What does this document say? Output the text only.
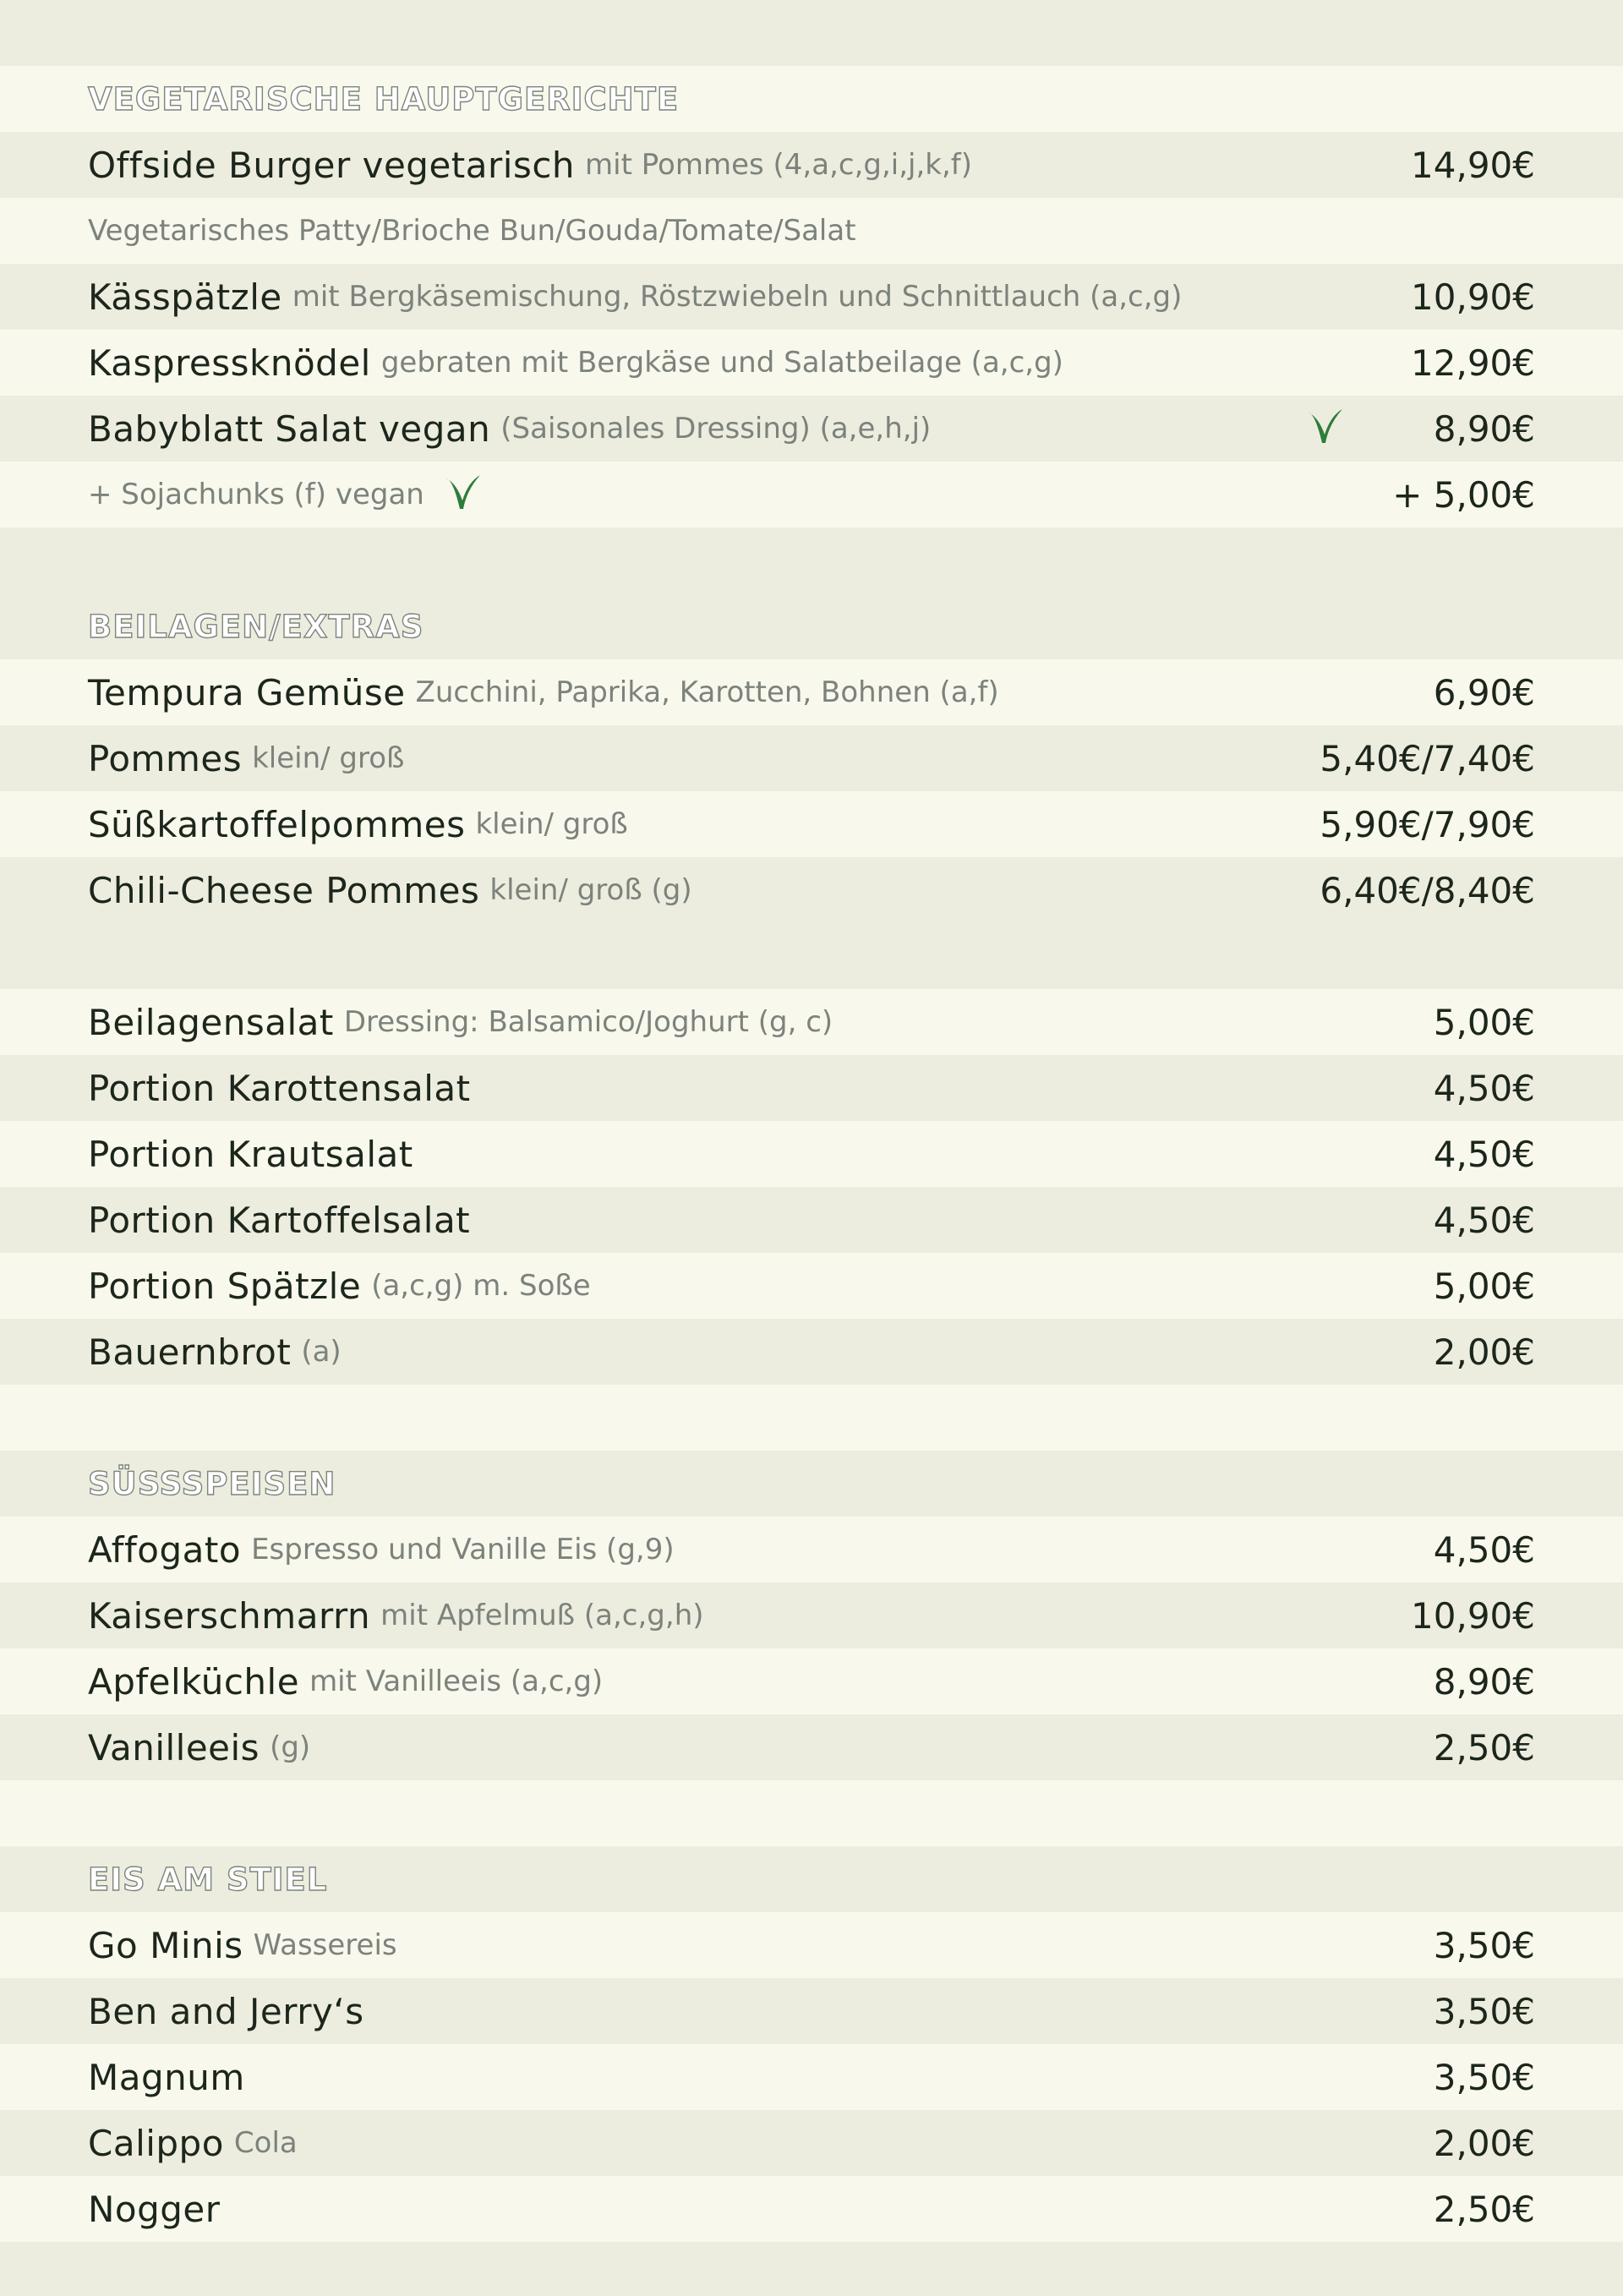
VEGETARISCHE HAUPTGERICHTE
Offside Burger vegetarisch mit Pommes (4,a,c,g,i,j,k,f)	14,90€
Vegetarisches Patty/Brioche Bun/Gouda/Tomate/Salat
Kässpätzle mit Bergkäsemischung, Röstzwiebeln und Schnittlauch (a,c,g)	10,90€
Kaspressknödel gebraten mit Bergkäse und Salatbeilage (a,c,g)	12,90€
Babyblatt Salat vegan (Saisonales Dressing) (a,e,h,j)	8,90€
+ Sojachunks (f) vegan	+ 5,00€
BEILAGEN/EXTRAS
Tempura Gemüse Zucchini, Paprika, Karotten, Bohnen (a,f)	6,90€
Pommes klein/ groß	5,40€/7,40€
Süßkartoffelpommes klein/ groß	5,90€/7,90€
Chili-Cheese Pommes klein/ groß (g)	6,40€/8,40€
Beilagensalat Dressing: Balsamico/Joghurt (g, c)	5,00€
Portion Karottensalat	4,50€
Portion Krautsalat	4,50€
Portion Kartoffelsalat	4,50€
Portion Spätzle (a,c,g) m. Soße	5,00€
Bauernbrot (a)	2,00€
SÜSSSPEISEN
Affogato Espresso und Vanille Eis (g,9)	4,50€
Kaiserschmarrn mit Apfelmuß (a,c,g,h)	10,90€
Apfelküchle mit Vanilleeis (a,c,g)	8,90€
Vanilleeis (g)	2,50€
EIS AM STIEL
Go Minis Wassereis	3,50€
Ben and Jerry‘s	3,50€
Magnum	3,50€
Calippo Cola	2,00€
Nogger	2,50€
